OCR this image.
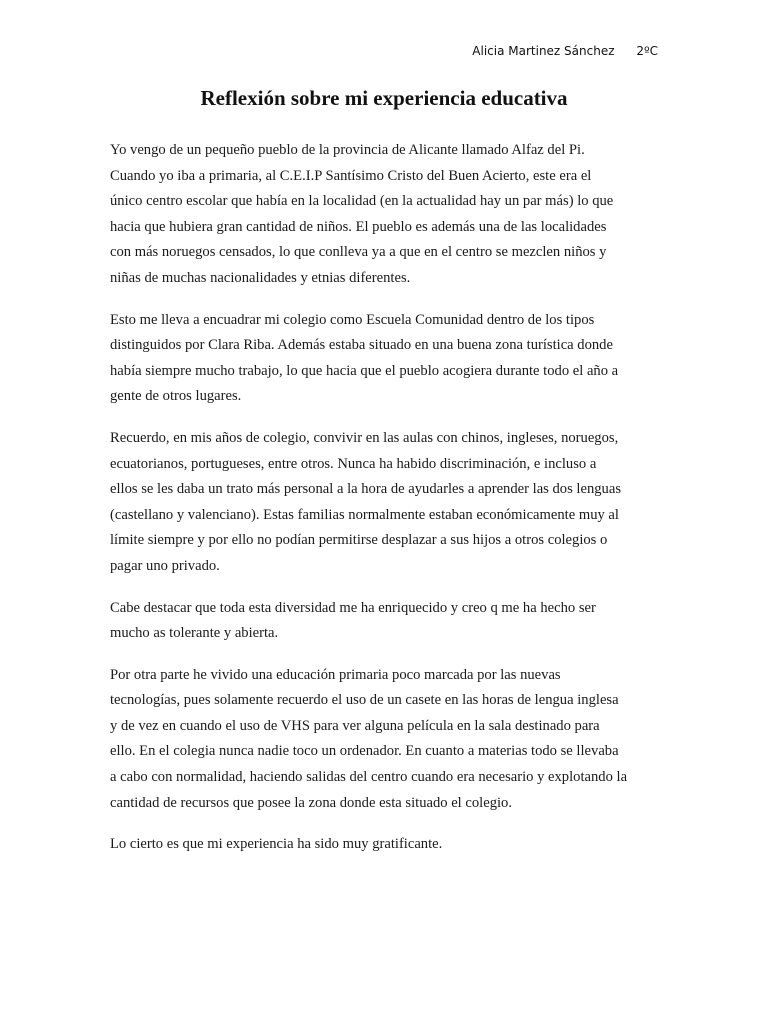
Alicia Martinez Sánchez 2ºC
Reflexión sobre mi experiencia educativa

Yo vengo de un pequeño pueblo de la provincia de Alicante llamado Alfaz del Pi.
Cuando yo iba a primaria, al C.E.I.P Santísimo Cristo del Buen Acierto, este era el
único centro escolar que había en la localidad (en la actualidad hay un par más) lo que
hacia que hubiera gran cantidad de niños. El pueblo es además una de las localidades
con más noruegos censados, lo que conlleva ya a que en el centro se mezclen niños y
niñas de muchas nacionalidades y etnias diferentes.

Esto me lleva a encuadrar mi colegio como Escuela Comunidad dentro de los tipos
distinguidos por Clara Riba. Además estaba situado en una buena zona turística donde
había siempre mucho trabajo, lo que hacia que el pueblo acogiera durante todo el año a
gente de otros lugares.

Recuerdo, en mis años de colegio, convivir en las aulas con chinos, ingleses, noruegos,
ecuatorianos, portugueses, entre otros. Nunca ha habido discriminación, e incluso a
ellos se les daba un trato más personal a la hora de ayudarles a aprender las dos lenguas
(castellano y valenciano). Estas familias normalmente estaban económicamente muy al
límite siempre y por ello no podían permitirse desplazar a sus hijos a otros colegios o
pagar uno privado.

Cabe destacar que toda esta diversidad me ha enriquecido y creo q me ha hecho ser
mucho as tolerante y abierta.

Por otra parte he vivido una educación primaria poco marcada por las nuevas
tecnologías, pues solamente recuerdo el uso de un casete en las horas de lengua inglesa
y de vez en cuando el uso de VHS para ver alguna película en la sala destinado para
ello. En el colegia nunca nadie toco un ordenador. En cuanto a materias todo se llevaba
a cabo con normalidad, haciendo salidas del centro cuando era necesario y explotando la
cantidad de recursos que posee la zona donde esta situado el colegio.

Lo cierto es que mi experiencia ha sido muy gratificante.
